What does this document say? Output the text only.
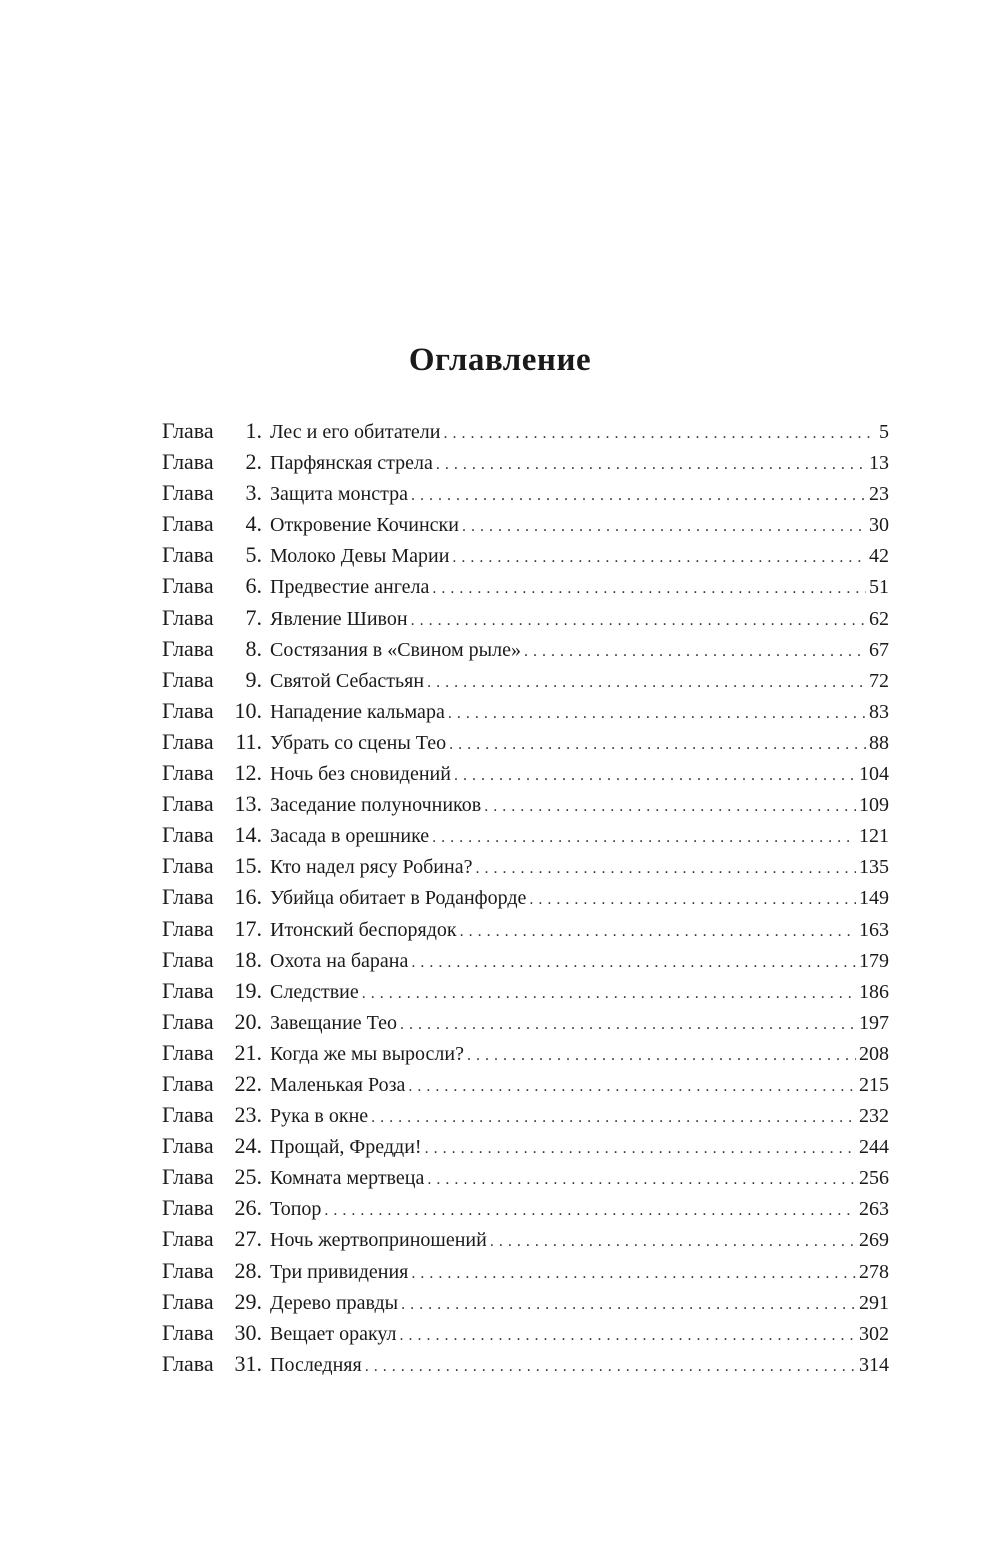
Оглавление
Глава	1. Лес и его обитатели . . .	5
Глава	2. Парфянская стрела . . .	13
Глава	3. Защита монстра . . .	23
Глава	4. Откровение Кочински . . .	30
Глава	5. Молоко Девы Марии . . .	42
Глава	6. Предвестие ангела . . .	51
Глава	7. Явление Шивон . . .	62
Глава	8. Состязания в «Свином рыле» . . .	67
Глава	9. Святой Себастьян . . .	72
Глава 10. Нападение кальмара . . .	83
Глава 11. Убрать со сцены Тео . . .	88
Глава 12. Ночь без сновидений . . .	104
Глава 13. Заседание полуночников . . .	109
Глава 14. Засада в орешнике . . .	121
Глава 15. Кто надел рясу Робина? . . .	135
Глава 16. Убийца обитает в Роданфорде . . .	149
Глава 17. Итонский беспорядок . . .	163
Глава 18. Охота на барана . . .	179
Глава 19. Следствие . . .	186
Глава 20. Завещание Тео . . .	197
Глава 21. Когда же мы выросли? . . .	208
Глава 22. Маленькая Роза . . .	215
Глава 23. Рука в окне . . .	232
Глава 24. Прощай, Фредди! . . .	244
Глава 25. Комната мертвеца . . .	256
Глава 26. Топор . . .	263
Глава 27. Ночь жертвоприношений . . .	269
Глава 28. Три привидения . . .	278
Глава 29. Дерево правды . . .	291
Глава 30. Вещает оракул . . .	302
Глава 31. Последняя . . .	314
